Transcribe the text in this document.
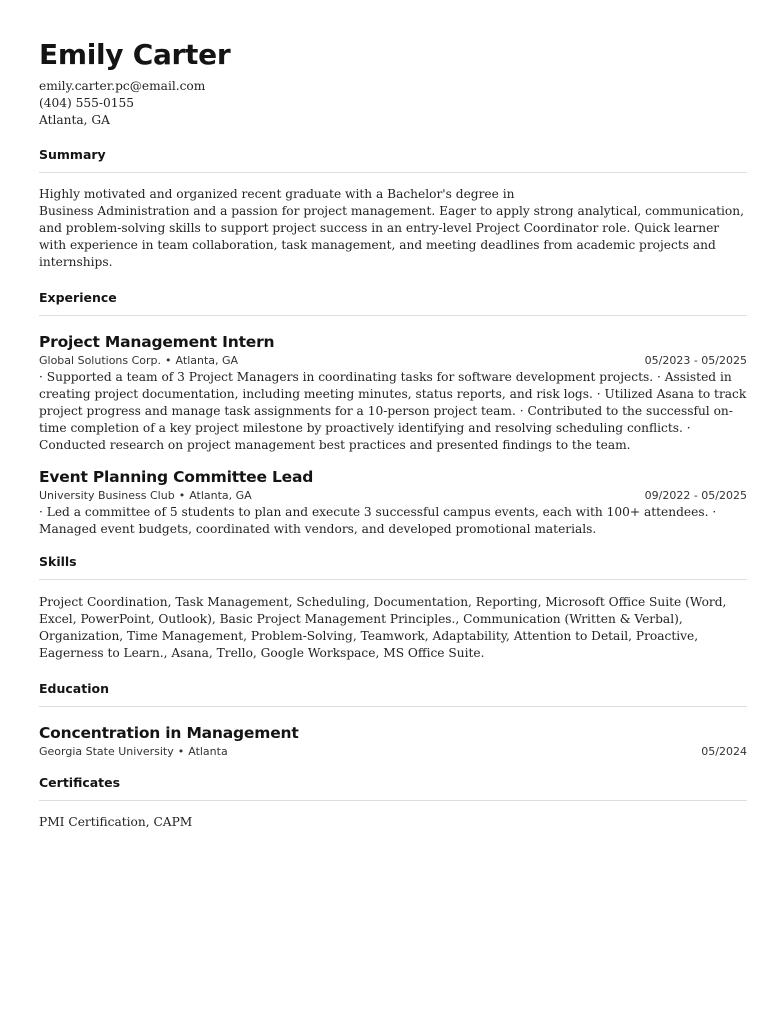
Emily Carter
emily.carter.pc@email.com
(404) 555-0155
Atlanta, GA
Summary

Highly motivated and organized recent graduate with a Bachelor's degree in
Business Administration and a passion for project management. Eager to apply strong analytical, communication, and problem-solving skills to support project success in an entry-level Project Coordinator role. Quick learner with experience in team collaboration, task management, and meeting deadlines from academic projects and internships.

Experience
Project Management Intern
Global Solutions Corp. • Atlanta, GA	05/2023 - 05/2025

· Supported a team of 3 Project Managers in coordinating tasks for software development projects. · Assisted in creating project documentation, including meeting minutes, status reports, and risk logs. · Utilized Asana to track project progress and manage task assignments for a 10-person project team. · Contributed to the successful on-time completion of a key project milestone by proactively identifying and resolving scheduling conflicts. · Conducted research on project management best practices and presented findings to the team.

Event Planning Committee Lead
University Business Club • Atlanta, GA	09/2022 - 05/2025

· Led a committee of 5 students to plan and execute 3 successful campus events, each with 100+ attendees. · Managed event budgets, coordinated with vendors, and developed promotional materials.

Skills

Project Coordination, Task Management, Scheduling, Documentation, Reporting, Microsoft Office Suite (Word, Excel, PowerPoint, Outlook), Basic Project Management Principles., Communication (Written & Verbal), Organization, Time Management, Problem-Solving, Teamwork, Adaptability, Attention to Detail, Proactive, Eagerness to Learn., Asana, Trello, Google Workspace, MS Office Suite.

Education
Concentration in Management
Georgia State University • Atlanta	05/2024
Certificates

PMI Certification, CAPM
